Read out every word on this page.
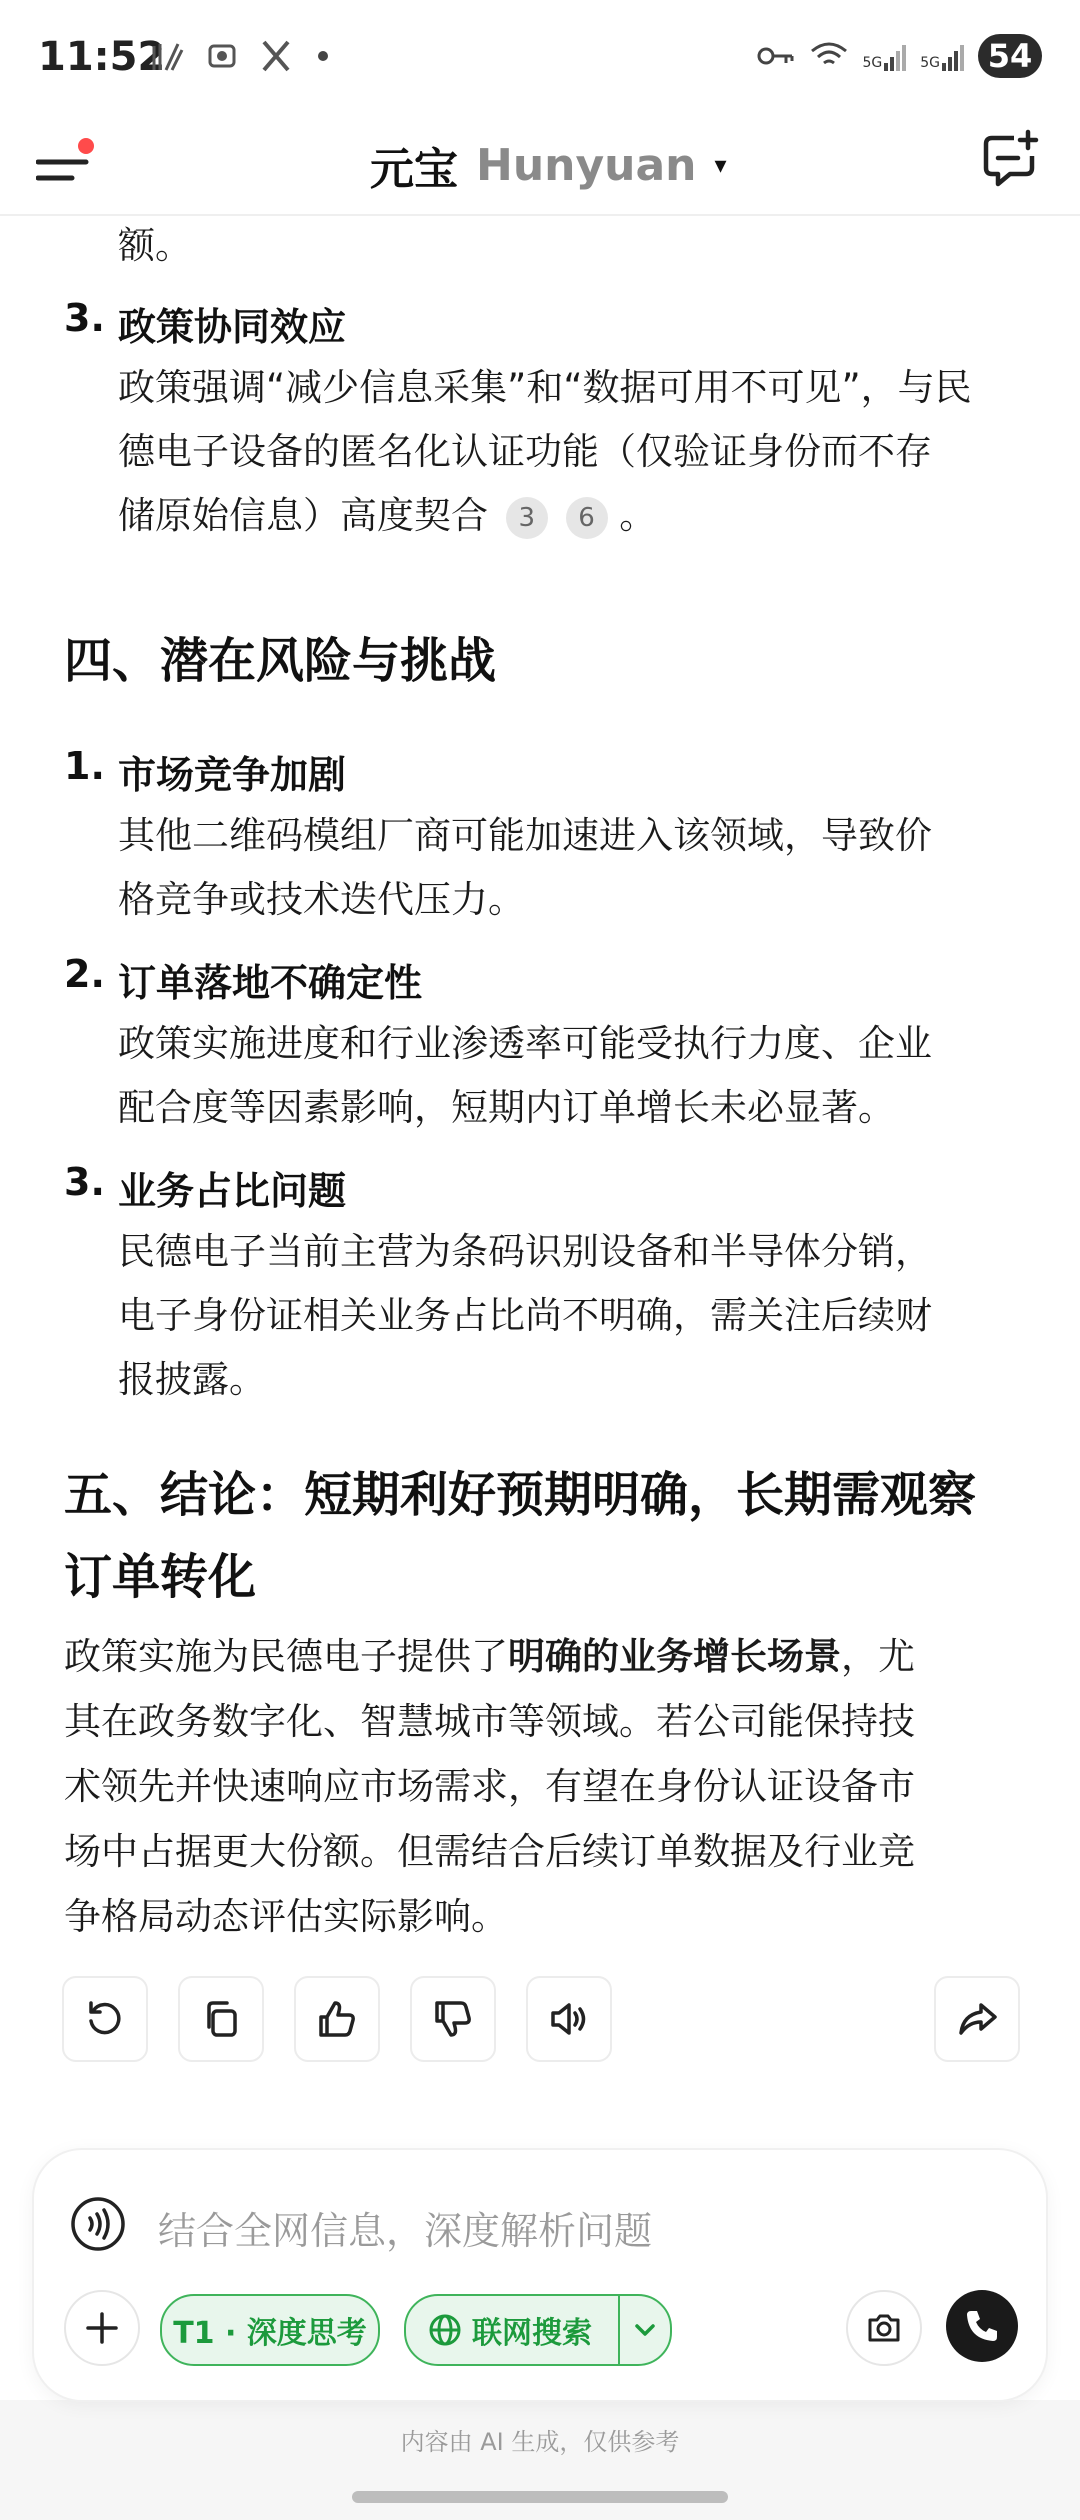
11:52	5G	5G	54
元宝 Hunyuan ▾
额。
3. 政策协同效应
政策强调“减少信息采集”和“数据可用不可见”，与民
德电子设备的匿名化认证功能（仅验证身份而不存
储原始信息）高度契合 3 6 。
四、潜在风险与挑战
1. 市场竞争加剧
其他二维码模组厂商可能加速进入该领域，导致价
格竞争或技术迭代压力。
2. 订单落地不确定性
政策实施进度和行业渗透率可能受执行力度、企业
配合度等因素影响，短期内订单增长未必显著。
3. 业务占比问题
民德电子当前主营为条码识别设备和半导体分销，
电子身份证相关业务占比尚不明确，需关注后续财
报披露。
五、结论：短期利好预期明确，长期需观察
订单转化
政策实施为民德电子提供了明确的业务增长场景，尤
其在政务数字化、智慧城市等领域。若公司能保持技
术领先并快速响应市场需求，有望在身份认证设备市
场中占据更大份额。但需结合后续订单数据及行业竞
争格局动态评估实际影响。
结合全网信息，深度解析问题
T1 · 深度思考	联网搜索
内容由 AI 生成，仅供参考
